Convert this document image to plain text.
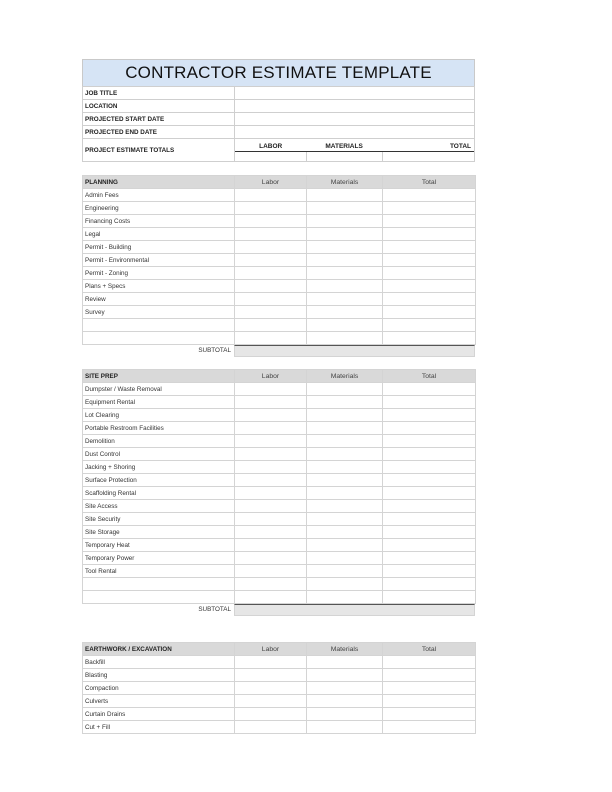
CONTRACTOR ESTIMATE TEMPLATE
JOB TITLE	
LOCATION	
PROJECTED START DATE	
PROJECTED END DATE	
PROJECT ESTIMATE TOTALS	LABOR MATERIALS TOTAL
PLANNING	Labor	Materials	Total
Admin Fees			
Engineering			
Financing Costs			
Legal			
Permit - Building			
Permit - Environmental			
Permit - Zoning			
Plans + Specs			
Review			
Survey			

SUBTOTAL
SITE PREP	Labor	Materials	Total
Dumpster / Waste Removal			
Equipment Rental			
Lot Clearing			
Portable Restroom Facilities			
Demolition			
Dust Control			
Jacking + Shoring			
Surface Protection			
Scaffolding Rental			
Site Access			
Site Security			
Site Storage			
Temporary Heat			
Temporary Power			
Tool Rental			

SUBTOTAL
EARTHWORK / EXCAVATION	Labor	Materials	Total
Backfill			
Blasting			
Compaction			
Culverts			
Curtain Drains			
Cut + Fill			
